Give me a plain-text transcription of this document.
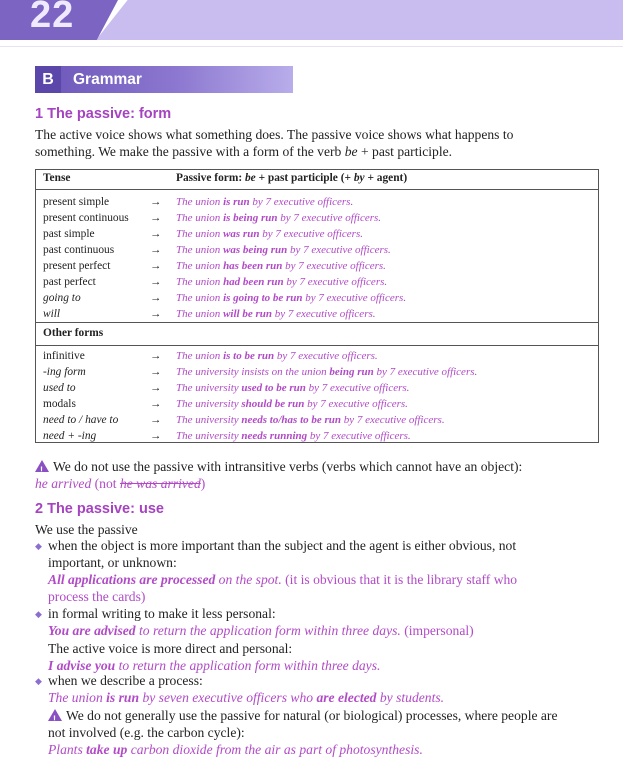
22
B	Grammar
1 The passive: form
The active voice shows what something does. The passive voice shows what happens to
something. We make the passive with a form of the verb be + past participle.
Tense	Passive form: be + past participle (+ by + agent)
present simple	→ The union is run by 7 executive officers.
present continuous → The union is being run by 7 executive officers.
past simple	→ The union was run by 7 executive officers.
past continuous	→ The union was being run by 7 executive officers.
present perfect	→ The union has been run by 7 executive officers.
past perfect	→ The union had been run by 7 executive officers.
going to	→ The union is going to be run by 7 executive officers.
will	→ The union will be run by 7 executive officers.
Other forms
infinitive	→ The union is to be run by 7 executive officers.
-ing form	→ The university insists on the union being run by 7 executive officers.
used to	→ The university used to be run by 7 executive officers.
modals	→ The university should be run by 7 executive officers.
need to / have to	→ The university needs to/has to be run by 7 executive officers.
need + -ing	→ The university needs running by 7 executive officers.
!We do not use the passive with intransitive verbs (verbs which cannot have an object):
he arrived (not he was arrived)
2 The passive: use
We use the passive
◆ when the object is more important than the subject and the agent is either obvious, not
important, or unknown:
All applications are processed on the spot. (it is obvious that it is the library staff who
process the cards)
◆ in formal writing to make it less personal:
You are advised to return the application form within three days. (impersonal)
The active voice is more direct and personal:
I advise you to return the application form within three days.
◆ when we describe a process:
The union is run by seven executive officers who are elected by students.
!We do not generally use the passive for natural (or biological) processes, where people are
not involved (e.g. the carbon cycle):
Plants take up carbon dioxide from the air as part of photosynthesis.
